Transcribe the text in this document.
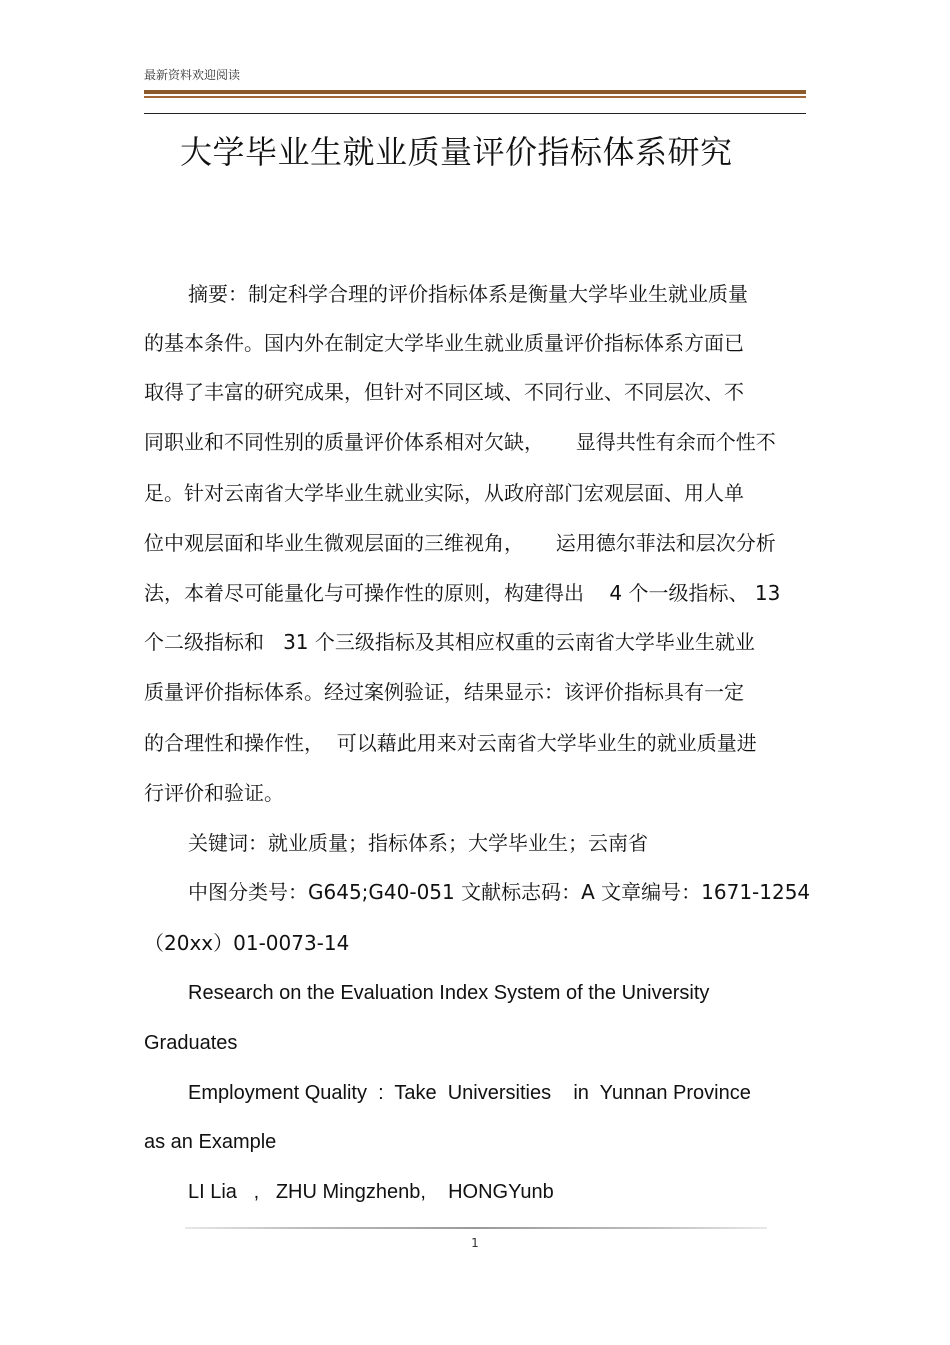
最新资料欢迎阅读
大学毕业生就业质量评价指标体系研究
摘要：制定科学合理的评价指标体系是衡量大学毕业生就业质量
的基本条件。国内外在制定大学毕业生就业质量评价指标体系方面已
取得了丰富的研究成果，但针对不同区域、不同行业、不同层次、不
同职业和不同性别的质量评价体系相对欠缺，     显得共性有余而个性不
足。针对云南省大学毕业生就业实际，从政府部门宏观层面、用人单
位中观层面和毕业生微观层面的三维视角，     运用德尔菲法和层次分析
法，本着尽可能量化与可操作性的原则，构建得出    4 个一级指标、 13
个二级指标和   31 个三级指标及其相应权重的云南省大学毕业生就业
质量评价指标体系。经过案例验证，结果显示：该评价指标具有一定
的合理性和操作性，  可以藉此用来对云南省大学毕业生的就业质量进
行评价和验证。
关键词：就业质量；指标体系；大学毕业生；云南省
中图分类号：G645;G40-051 文献标志码：A 文章编号：1671-1254
（20xx）01-0073-14
Research on the Evaluation Index System of the University
Graduates
Employment Quality  :  Take  Universities    in  Yunnan Province
as an Example
LI Lia   ,   ZHU Mingzhenb,    HONGYunb
1
